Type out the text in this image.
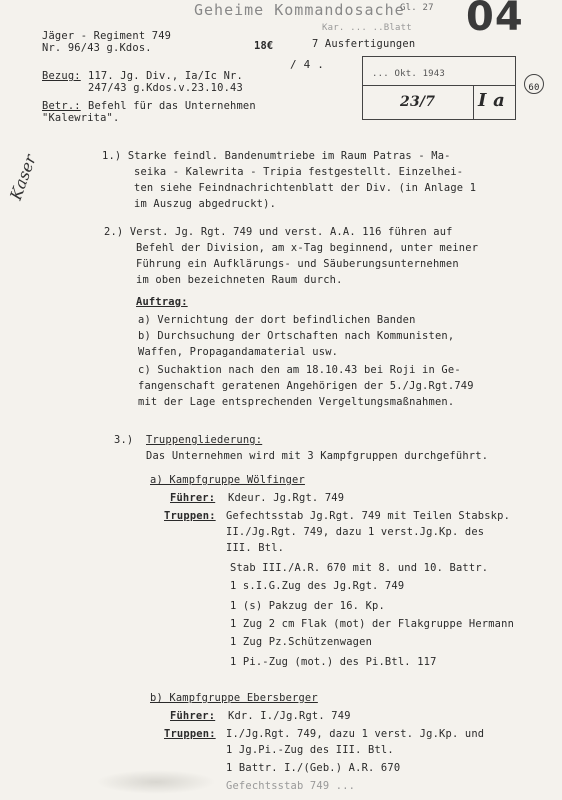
Geheime Kommandosache
Kar. ... ..Blatt
Gl. 27 04
Jäger - Regiment 749
Nr. 96/43 g.Kdos.	18€
/ 4 .
7 Ausfertigungen
... Okt. 1943
23/7 I a
60
Bezug: 117. Jg. Div., Ia/Ic Nr.
247/43 g.Kdos.v.23.10.43
Betr.: Befehl für das Unternehmen
"Kalewrita".
Kaser	1.) Starke feindl. Bandenumtriebe im Raum Patras - Ma-
seika - Kalewrita - Tripia festgestellt. Einzelhei-
ten siehe Feindnachrichtenblatt der Div. (in Anlage 1
im Auszug abgedruckt).
2.) Verst. Jg. Rgt. 749 und verst. A.A. 116 führen auf
Befehl der Division, am x-Tag beginnend, unter meiner
Führung ein Aufklärungs- und Säuberungsunternehmen
im oben bezeichneten Raum durch.
Auftrag:
a) Vernichtung der dort befindlichen Banden
b) Durchsuchung der Ortschaften nach Kommunisten,
Waffen, Propagandamaterial usw.
c) Suchaktion nach den am 18.10.43 bei Roji in Ge-
fangenschaft geratenen Angehörigen der 5./Jg.Rgt.749
mit der Lage entsprechenden Vergeltungsmaßnahmen.
3.) Truppengliederung:
Das Unternehmen wird mit 3 Kampfgruppen durchgeführt.
a) Kampfgruppe Wölfinger
Führer: Kdeur. Jg.Rgt. 749
Truppen: Gefechtsstab Jg.Rgt. 749 mit Teilen Stabskp.
II./Jg.Rgt. 749, dazu 1 verst.Jg.Kp. des
III. Btl.
Stab III./A.R. 670 mit 8. und 10. Battr.
1 s.I.G.Zug des Jg.Rgt. 749
1 (s) Pakzug der 16. Kp.
1 Zug 2 cm Flak (mot) der Flakgruppe Hermann
1 Zug Pz.Schützenwagen
1 Pi.-Zug (mot.) des Pi.Btl. 117
b) Kampfgruppe Ebersberger
Führer: Kdr. I./Jg.Rgt. 749
Truppen: I./Jg.Rgt. 749, dazu 1 verst. Jg.Kp. und
1 Jg.Pi.-Zug des III. Btl.
1 Battr. I./(Geb.) A.R. 670
Gefechtsstab 749 ...
